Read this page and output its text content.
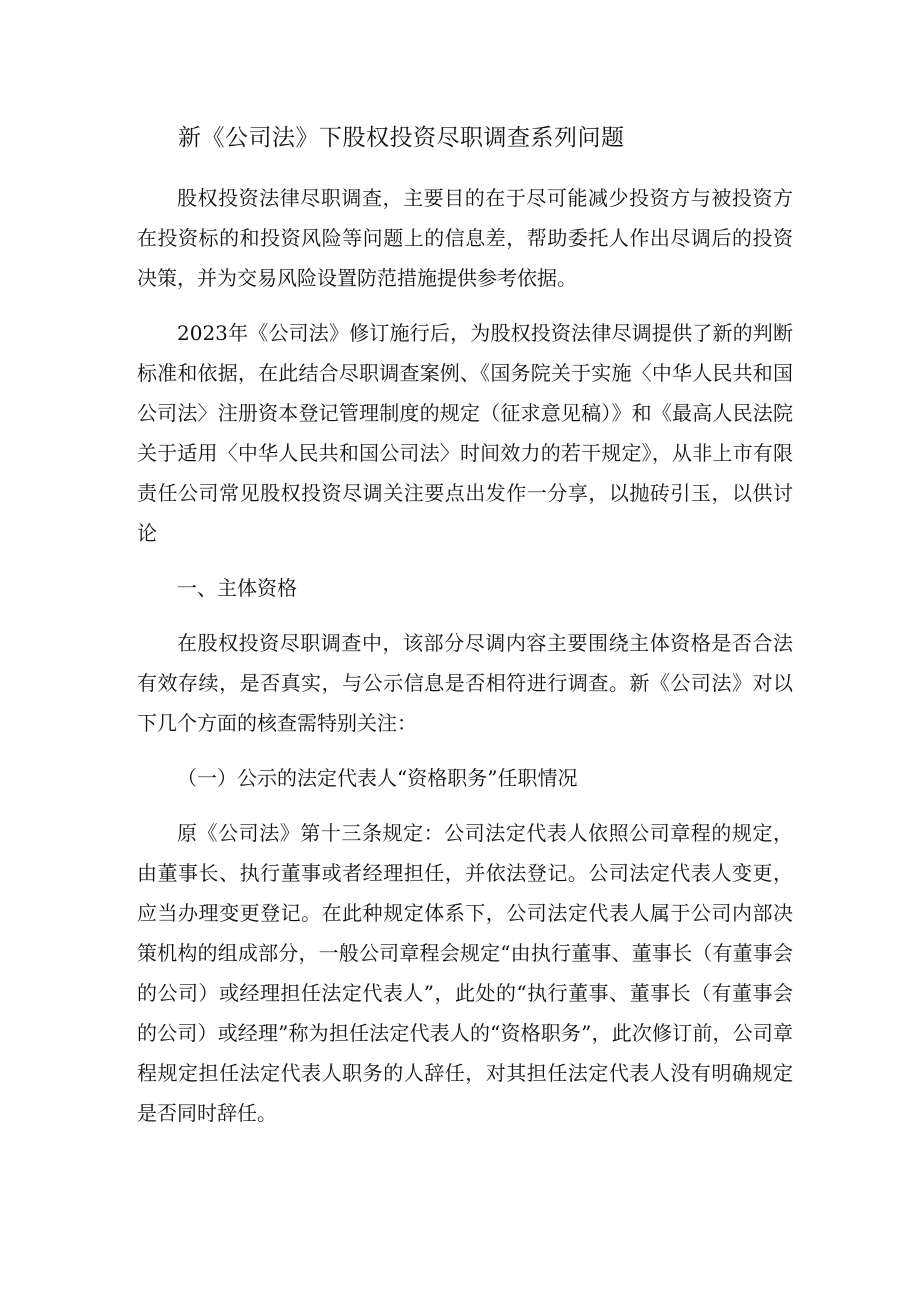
新《公司法》下股权投资尽职调查系列问题

股权投资法律尽职调查，主要目的在于尽可能减少投资方与被投资方在投资标的和投资风险等问题上的信息差，帮助委托人作出尽调后的投资决策，并为交易风险设置防范措施提供参考依据。

2023年《公司法》修订施行后，为股权投资法律尽调提供了新的判断标准和依据，在此结合尽职调查案例、《国务院关于实施〈中华人民共和国公司法〉注册资本登记管理制度的规定（征求意见稿）》和《最高人民法院关于适用〈中华人民共和国公司法〉时间效力的若干规定》，从非上市有限责任公司常见股权投资尽调关注要点出发作一分享，以抛砖引玉，以供讨论

一、主体资格

在股权投资尽职调查中，该部分尽调内容主要围绕主体资格是否合法有效存续，是否真实，与公示信息是否相符进行调查。新《公司法》对以下几个方面的核查需特别关注：

（一）公示的法定代表人“资格职务”任职情况

原《公司法》第十三条规定：公司法定代表人依照公司章程的规定，由董事长、执行董事或者经理担任，并依法登记。公司法定代表人变更，应当办理变更登记。在此种规定体系下，公司法定代表人属于公司内部决策机构的组成部分，一般公司章程会规定“由执行董事、董事长（有董事会的公司）或经理担任法定代表人”，此处的“执行董事、董事长（有董事会的公司）或经理”称为担任法定代表人的“资格职务”，此次修订前，公司章程规定担任法定代表人职务的人辞任，对其担任法定代表人没有明确规定是否同时辞任。
